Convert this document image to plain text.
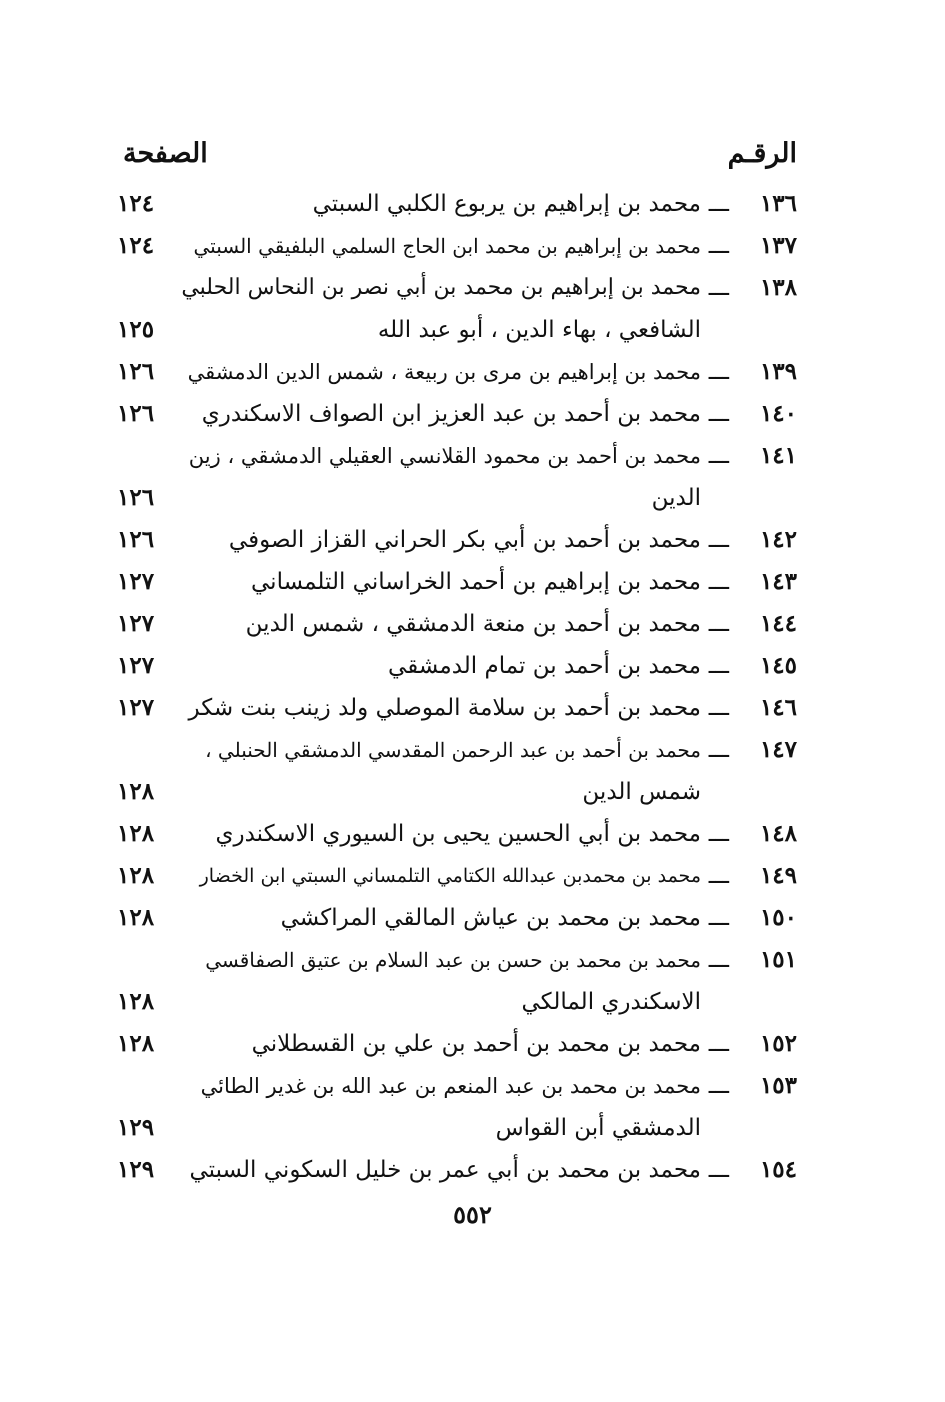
الرقـم
الصفحة
١٣٦
ـــ
محمد بن إبراهيم بن يربوع الكلبي السبتي
١٢٤
١٣٧
ـــ
محمد بن إبراهيم بن محمد ابن الحاج السلمي البلفيقي السبتي
١٢٤
١٣٨
ـــ
محمد بن إبراهيم بن محمد بن أبي نصر بن النحاس الحلبي
الشافعي ، بهاء الدين ، أبو عبد الله
١٢٥
١٣٩
ـــ
محمد بن إبراهيم بن مرى بن ربيعة ، شمس الدين الدمشقي
١٢٦
١٤٠
ـــ
محمد بن أحمد بن عبد العزيز ابن الصواف الاسكندري
١٢٦
١٤١
ـــ
محمد بن أحمد بن محمود القلانسي العقيلي الدمشقي ، زين
الدين
١٢٦
١٤٢
ـــ
محمد بن أحمد بن أبي بكر الحراني القزاز الصوفي
١٢٦
١٤٣
ـــ
محمد بن إبراهيم بن أحمد الخراساني التلمساني
١٢٧
١٤٤
ـــ
محمد بن أحمد بن منعة الدمشقي ، شمس الدين
١٢٧
١٤٥
ـــ
محمد بن أحمد بن تمام الدمشقي
١٢٧
١٤٦
ـــ
محمد بن أحمد بن سلامة الموصلي ولد زينب بنت شكر
١٢٧
١٤٧
ـــ
محمد بن أحمد بن عبد الرحمن المقدسي الدمشقي الحنبلي ،
شمس الدين
١٢٨
١٤٨
ـــ
محمد بن أبي الحسين يحيى بن السيوري الاسكندري
١٢٨
١٤٩
ـــ
محمد بن محمدبن عبدالله الكتامي التلمساني السبتي ابن الخضار
١٢٨
١٥٠
ـــ
محمد بن محمد بن عياش المالقي المراكشي
١٢٨
١٥١
ـــ
محمد بن محمد بن حسن بن عبد السلام بن عتيق الصفاقسي
الاسكندري المالكي
١٢٨
١٥٢
ـــ
محمد بن محمد بن أحمد بن علي بن القسطلاني
١٢٨
١٥٣
ـــ
محمد بن محمد بن عبد المنعم بن عبد الله بن غدير الطائي
الدمشقي أبن القواس
١٢٩
١٥٤
ـــ
محمد بن محمد بن أبي عمر بن خليل السكوني السبتي
١٢٩
٥٥٢
